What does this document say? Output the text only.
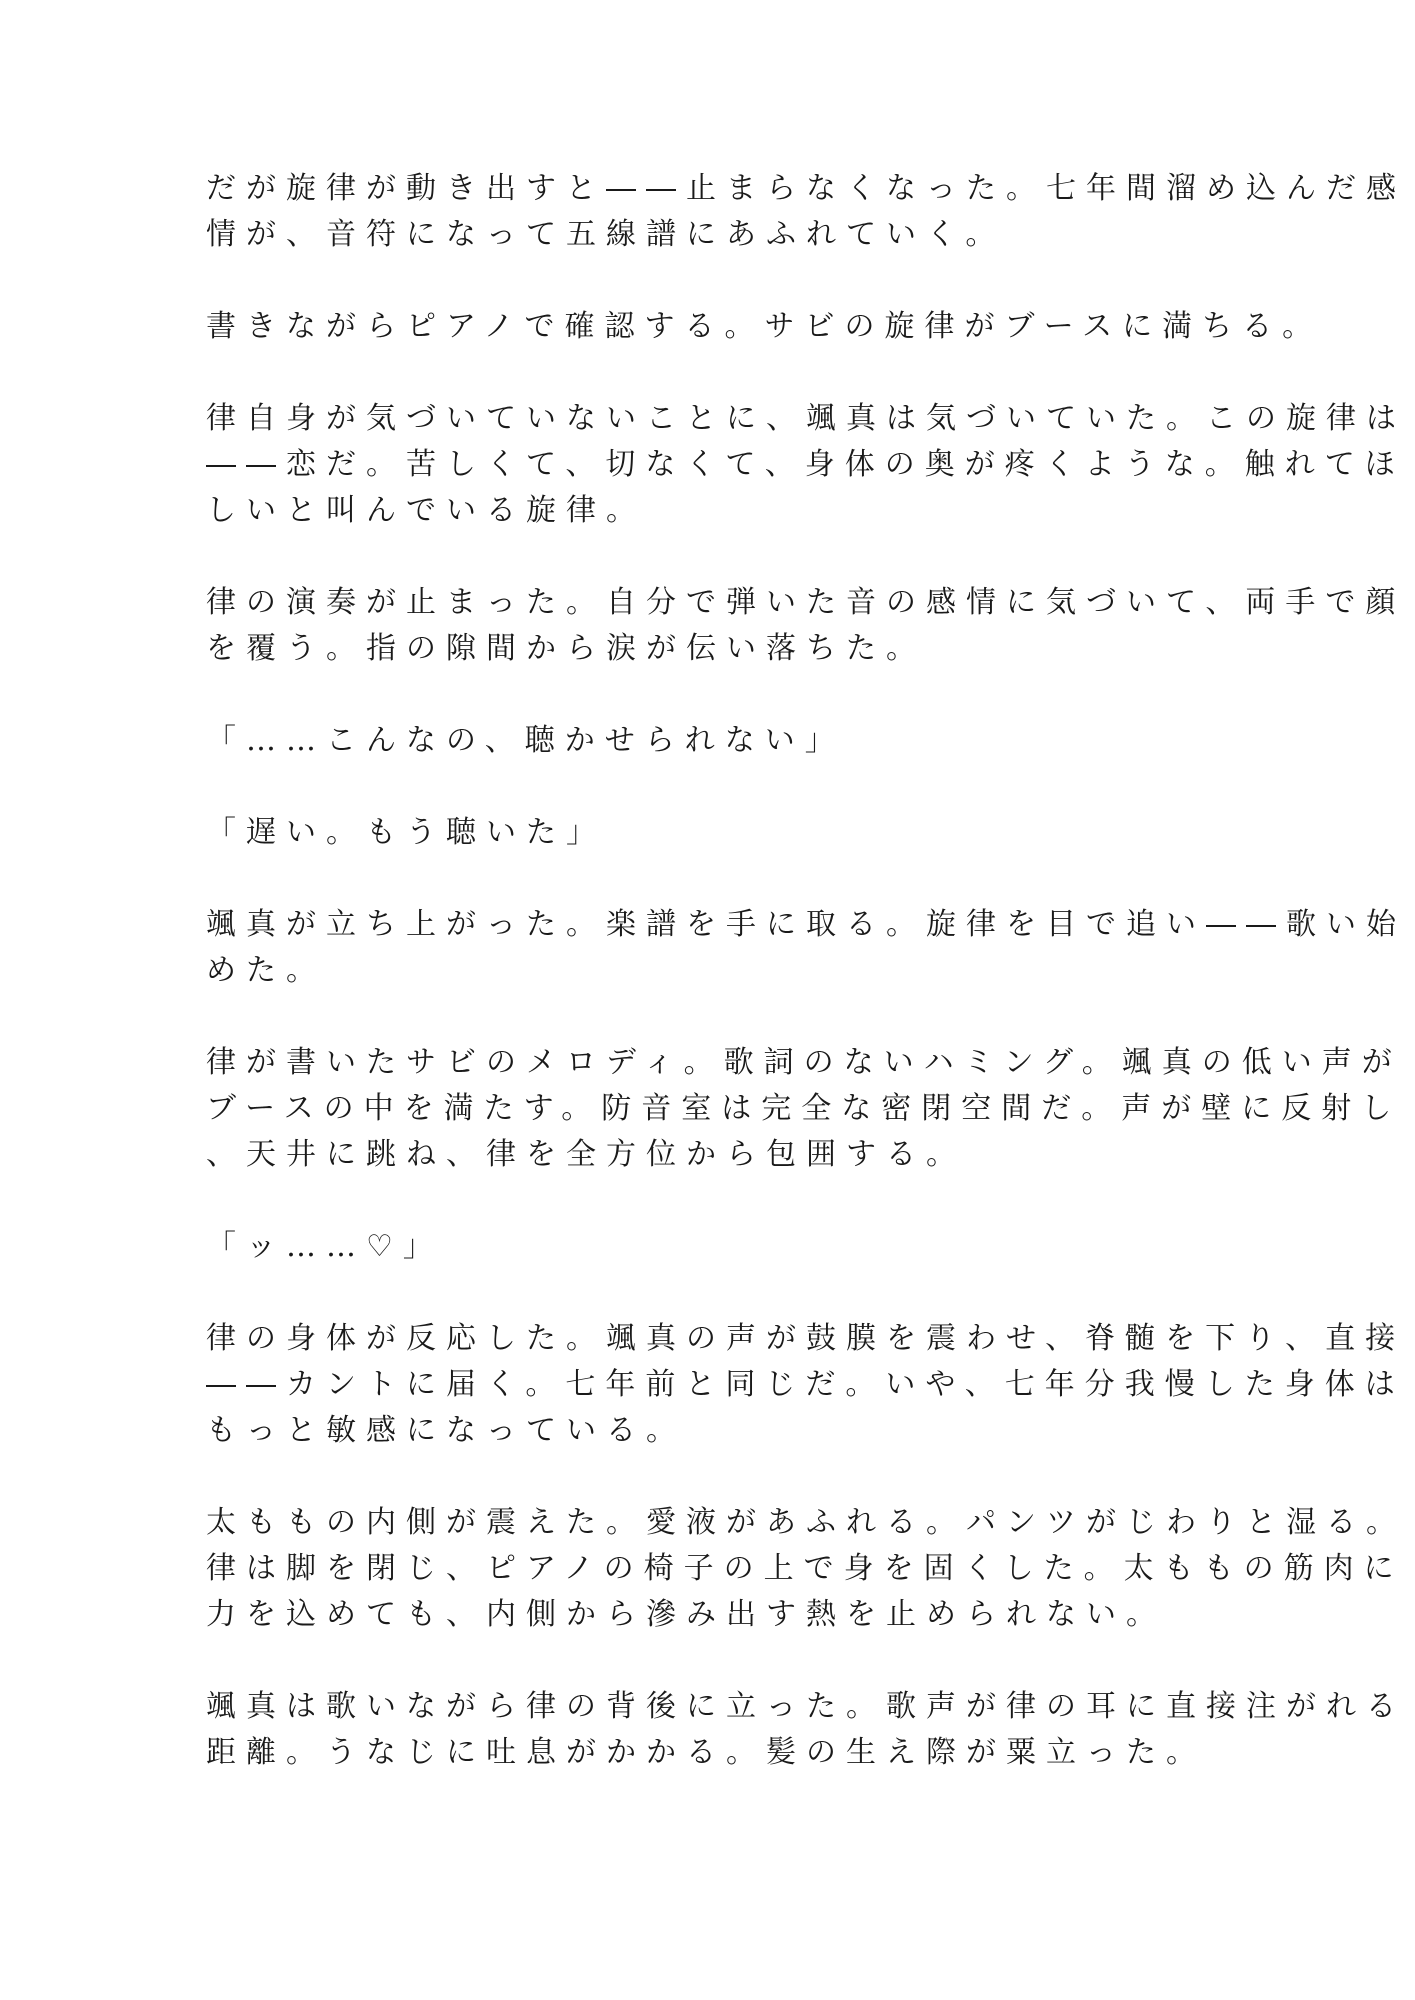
だが旋律が動き出すと――止まらなくなった。七年間溜め込んだ感
情が、音符になって五線譜にあふれていく。
書きながらピアノで確認する。サビの旋律がブースに満ちる。
律自身が気づいていないことに、颯真は気づいていた。この旋律は
――恋だ。苦しくて、切なくて、身体の奥が疼くような。触れてほ
しいと叫んでいる旋律。
律の演奏が止まった。自分で弾いた音の感情に気づいて、両手で顔
を覆う。指の隙間から涙が伝い落ちた。
「……こんなの、聴かせられない」
「遅い。もう聴いた」
颯真が立ち上がった。楽譜を手に取る。旋律を目で追い――歌い始
めた。
律が書いたサビのメロディ。歌詞のないハミング。颯真の低い声が
ブースの中を満たす。防音室は完全な密閉空間だ。声が壁に反射し
、天井に跳ね、律を全方位から包囲する。
「ッ……♡」
律の身体が反応した。颯真の声が鼓膜を震わせ、脊髄を下り、直接
――カントに届く。七年前と同じだ。いや、七年分我慢した身体は
もっと敏感になっている。
太ももの内側が震えた。愛液があふれる。パンツがじわりと湿る。
律は脚を閉じ、ピアノの椅子の上で身を固くした。太ももの筋肉に
力を込めても、内側から滲み出す熱を止められない。
颯真は歌いながら律の背後に立った。歌声が律の耳に直接注がれる
距離。うなじに吐息がかかる。髪の生え際が粟立った。
